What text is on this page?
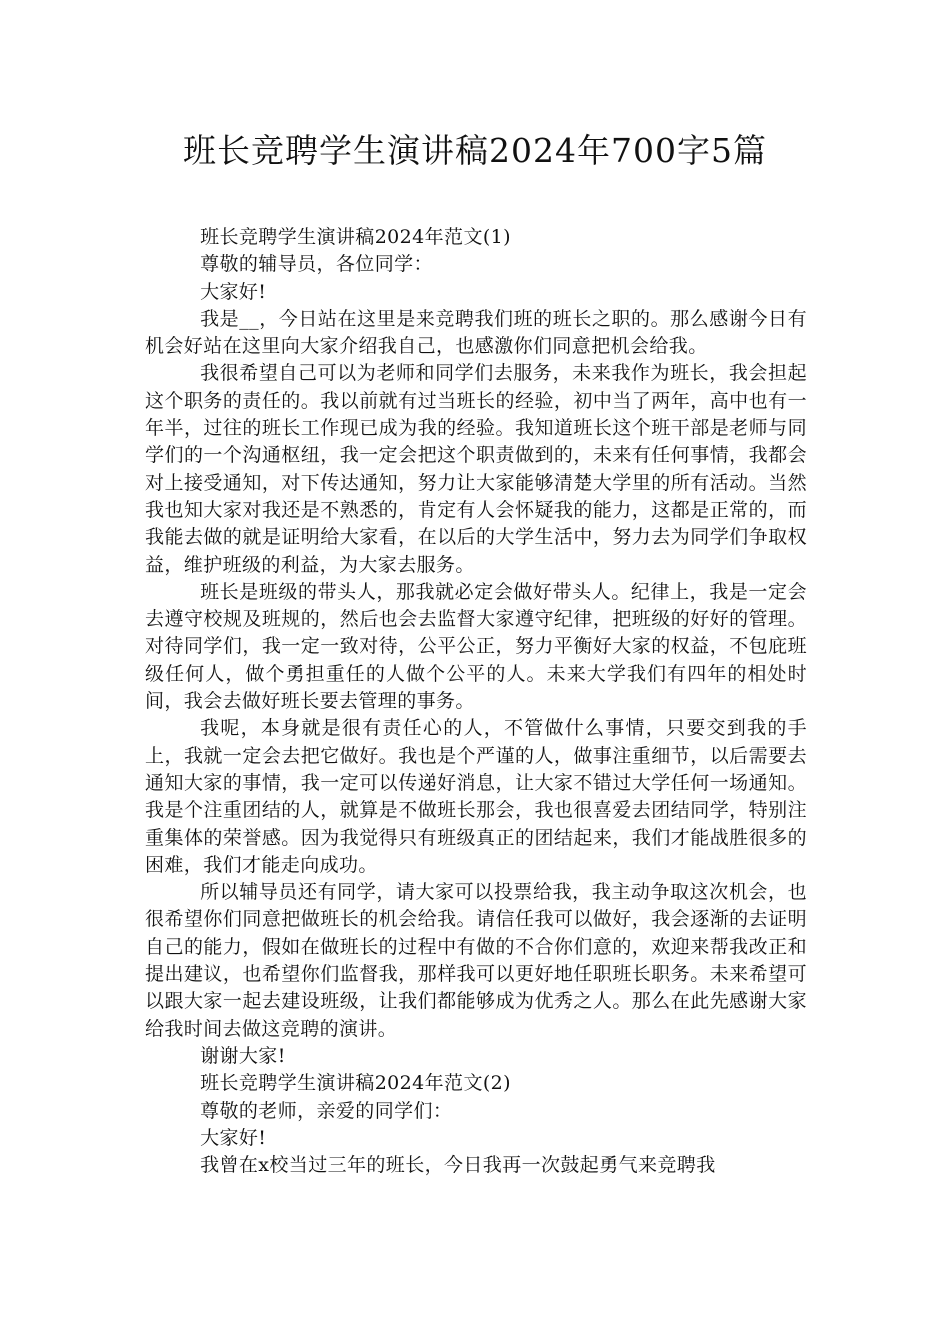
班长竞聘学生演讲稿2024年700字5篇

班长竞聘学生演讲稿2024年范文(1)

尊敬的辅导员，各位同学：

大家好!

我是__，今日站在这里是来竞聘我们班的班长之职的。那么感谢今日有机会好站在这里向大家介绍我自己，也感激你们同意把机会给我。

我很希望自己可以为老师和同学们去服务，未来我作为班长，我会担起这个职务的责任的。我以前就有过当班长的经验，初中当了两年，高中也有一年半，过往的班长工作现已成为我的经验。我知道班长这个班干部是老师与同学们的一个沟通枢纽，我一定会把这个职责做到的，未来有任何事情，我都会对上接受通知，对下传达通知，努力让大家能够清楚大学里的所有活动。当然我也知大家对我还是不熟悉的，肯定有人会怀疑我的能力，这都是正常的，而我能去做的就是证明给大家看，在以后的大学生活中，努力去为同学们争取权益，维护班级的利益，为大家去服务。

班长是班级的带头人，那我就必定会做好带头人。纪律上，我是一定会去遵守校规及班规的，然后也会去监督大家遵守纪律，把班级的好好的管理。对待同学们，我一定一致对待，公平公正，努力平衡好大家的权益，不包庇班级任何人，做个勇担重任的人做个公平的人。未来大学我们有四年的相处时间，我会去做好班长要去管理的事务。

我呢，本身就是很有责任心的人，不管做什么事情，只要交到我的手上，我就一定会去把它做好。我也是个严谨的人，做事注重细节，以后需要去通知大家的事情，我一定可以传递好消息，让大家不错过大学任何一场通知。我是个注重团结的人，就算是不做班长那会，我也很喜爱去团结同学，特别注重集体的荣誉感。因为我觉得只有班级真正的团结起来，我们才能战胜很多的困难，我们才能走向成功。

所以辅导员还有同学，请大家可以投票给我，我主动争取这次机会，也很希望你们同意把做班长的机会给我。请信任我可以做好，我会逐渐的去证明自己的能力，假如在做班长的过程中有做的不合你们意的，欢迎来帮我改正和提出建议，也希望你们监督我，那样我可以更好地任职班长职务。未来希望可以跟大家一起去建设班级，让我们都能够成为优秀之人。那么在此先感谢大家给我时间去做这竞聘的演讲。

谢谢大家!

班长竞聘学生演讲稿2024年范文(2)

尊敬的老师，亲爱的同学们：

大家好!

我曾在x校当过三年的班长，今日我再一次鼓起勇气来竞聘我
